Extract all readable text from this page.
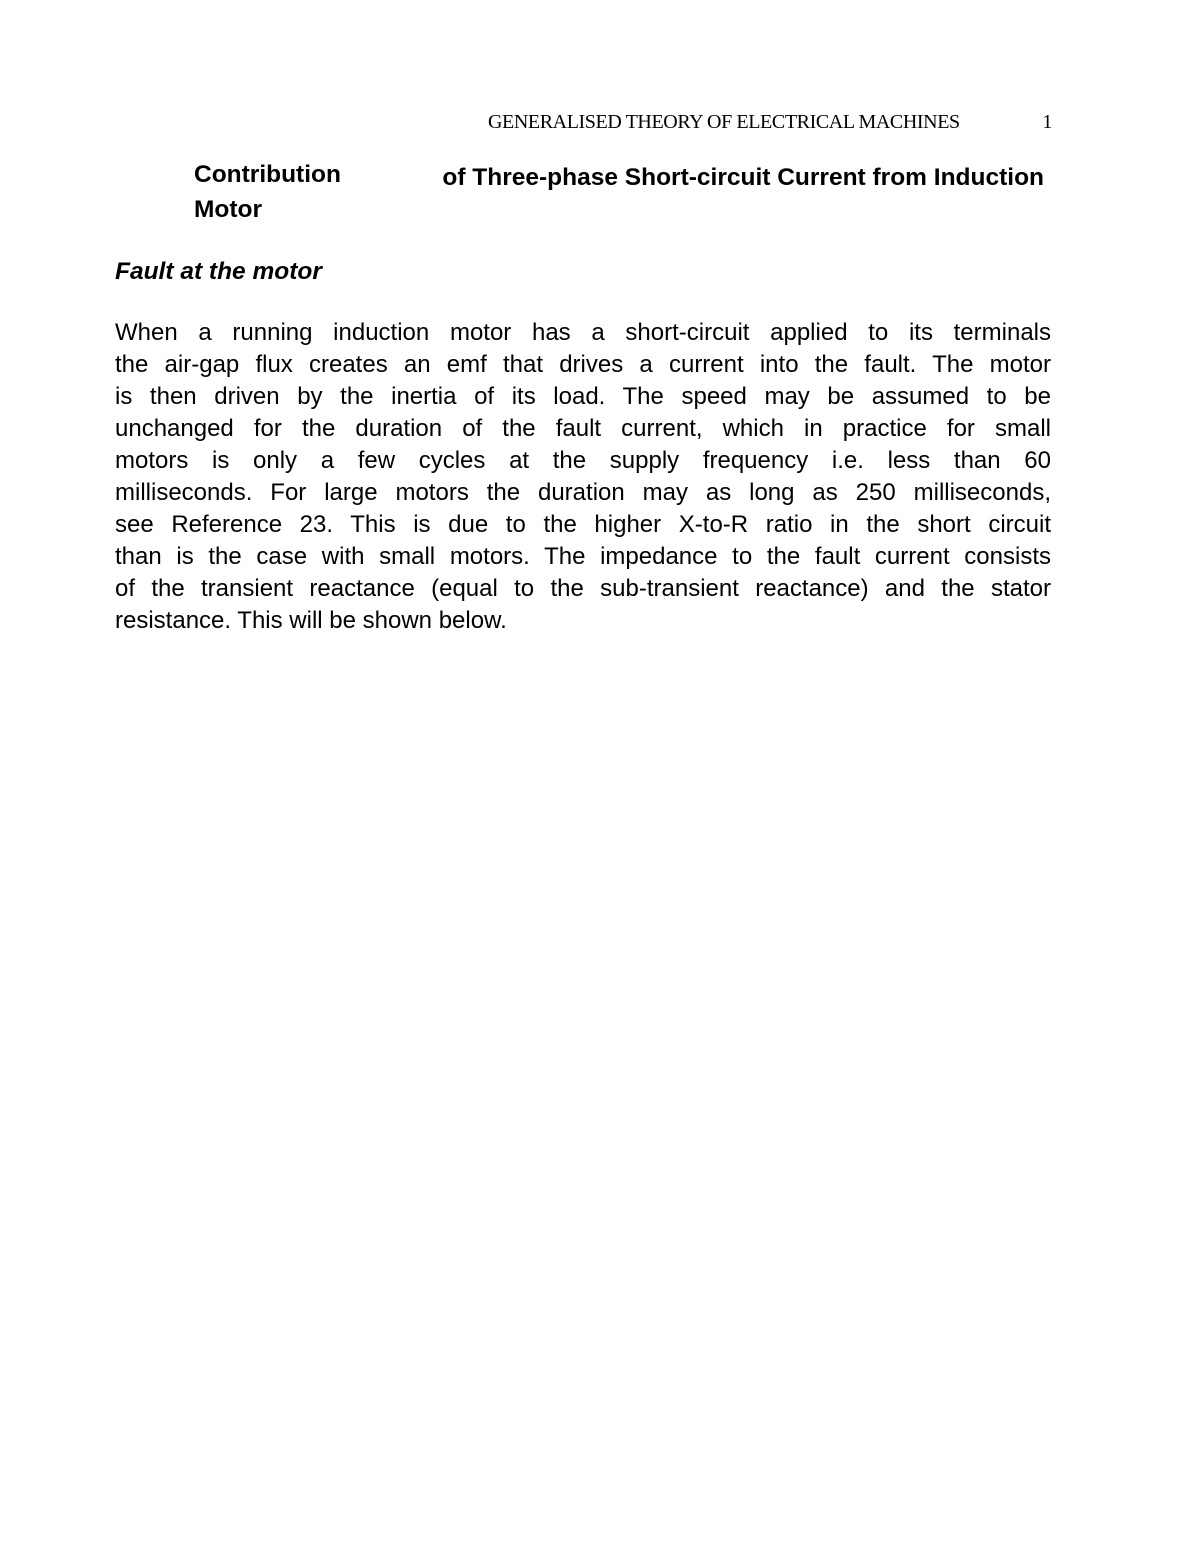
GENERALISED THEORY OF ELECTRICAL MACHINES	1
Contribution	of Three-phase Short-circuit Current from Induction
Motor
Fault at the motor
When a running induction motor has a short-circuit applied to its terminals
the air-gap flux creates an emf that drives a current into the fault. The motor
is then driven by the inertia of its load. The speed may be assumed to be
unchanged for the duration of the fault current, which in practice for small
motors is only a few cycles at the supply frequency i.e. less than 60
milliseconds. For large motors the duration may as long as 250 milliseconds,
see Reference 23. This is due to the higher X-to-R ratio in the short circuit
than is the case with small motors. The impedance to the fault current consists
of the transient reactance (equal to the sub-transient reactance) and the stator
resistance. This will be shown below.
